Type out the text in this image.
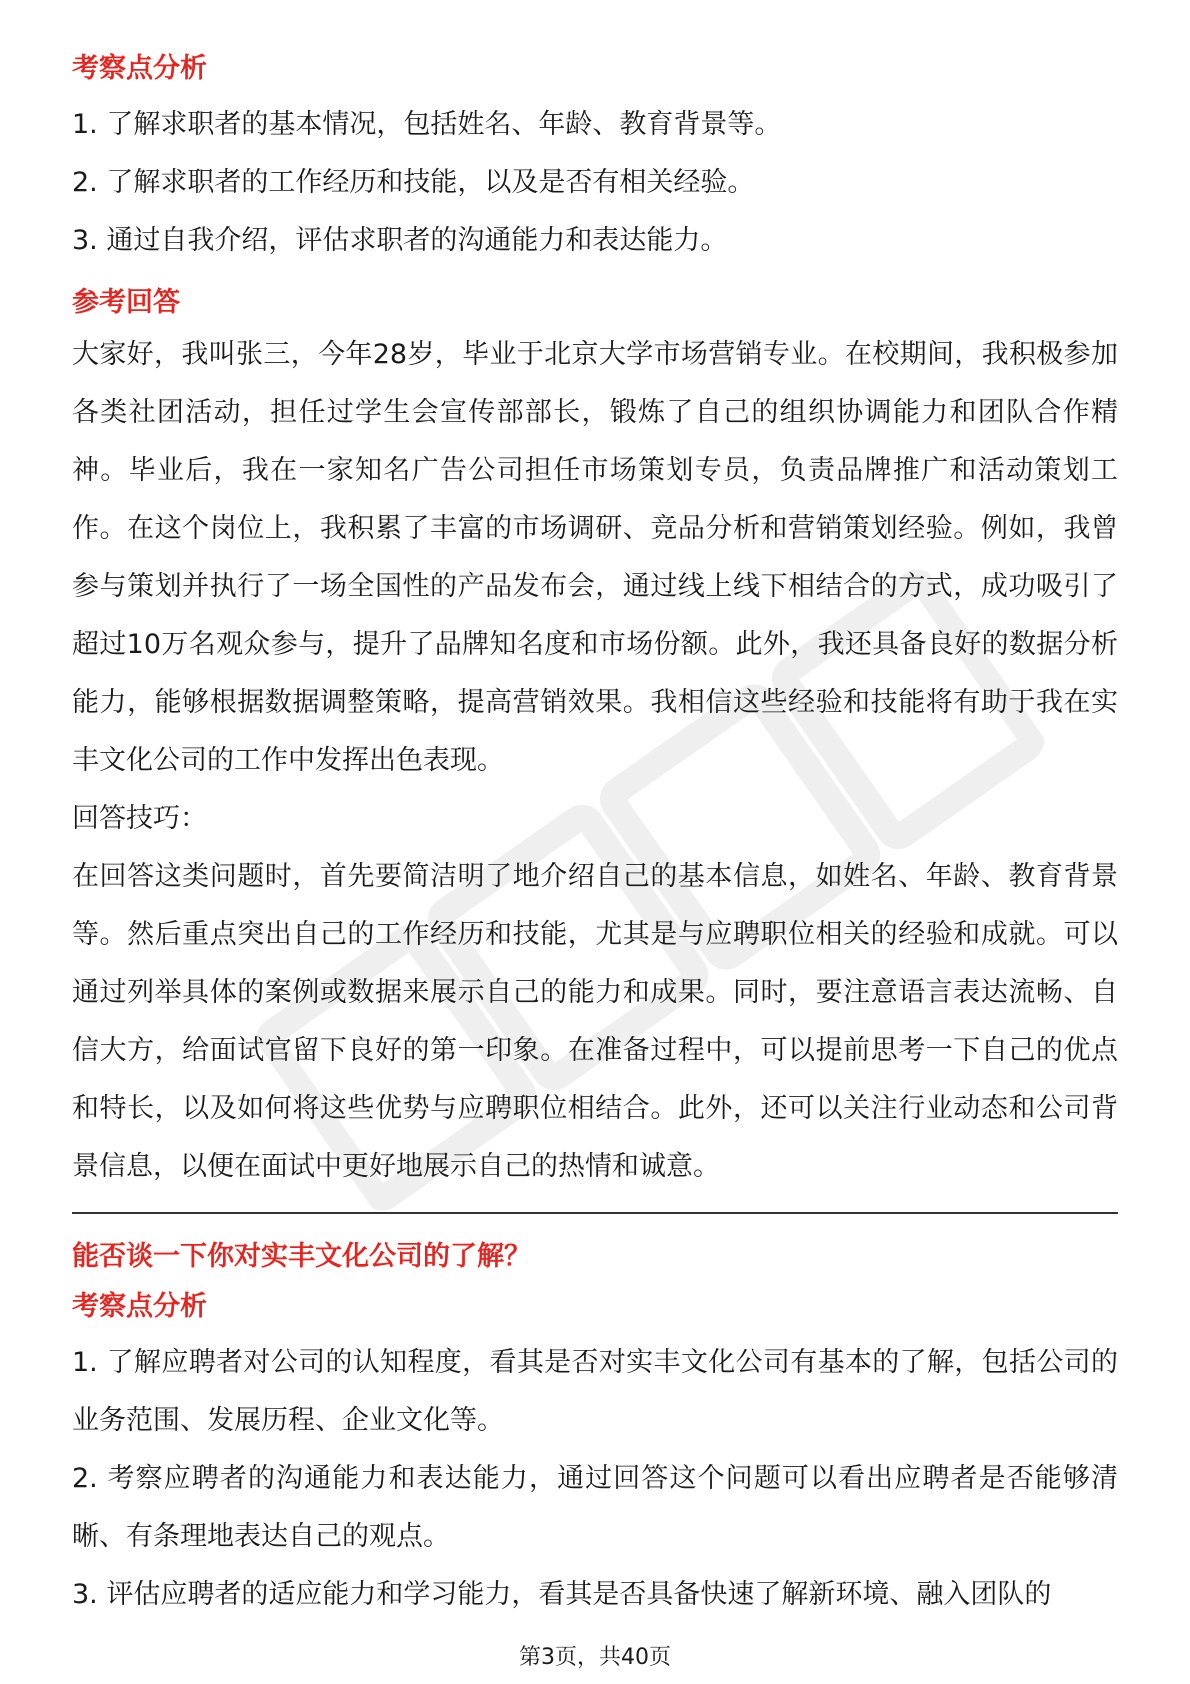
考察点分析

1. 了解求职者的基本情况，包括姓名、年龄、教育背景等。

2. 了解求职者的工作经历和技能，以及是否有相关经验。

3. 通过自我介绍，评估求职者的沟通能力和表达能力。

参考回答

大家好，我叫张三，今年28岁，毕业于北京大学市场营销专业。在校期间，我积极参加各类社团活动，担任过学生会宣传部部长，锻炼了自己的组织协调能力和团队合作精神。毕业后，我在一家知名广告公司担任市场策划专员，负责品牌推广和活动策划工作。在这个岗位上，我积累了丰富的市场调研、竞品分析和营销策划经验。例如，我曾参与策划并执行了一场全国性的产品发布会，通过线上线下相结合的方式，成功吸引了超过10万名观众参与，提升了品牌知名度和市场份额。此外，我还具备良好的数据分析能力，能够根据数据调整策略，提高营销效果。我相信这些经验和技能将有助于我在实丰文化公司的工作中发挥出色表现。

回答技巧：

在回答这类问题时，首先要简洁明了地介绍自己的基本信息，如姓名、年龄、教育背景等。然后重点突出自己的工作经历和技能，尤其是与应聘职位相关的经验和成就。可以通过列举具体的案例或数据来展示自己的能力和成果。同时，要注意语言表达流畅、自信大方，给面试官留下良好的第一印象。在准备过程中，可以提前思考一下自己的优点和特长，以及如何将这些优势与应聘职位相结合。此外，还可以关注行业动态和公司背景信息，以便在面试中更好地展示自己的热情和诚意。

能否谈一下你对实丰文化公司的了解？

考察点分析

1. 了解应聘者对公司的认知程度，看其是否对实丰文化公司有基本的了解，包括公司的业务范围、发展历程、企业文化等。

2. 考察应聘者的沟通能力和表达能力，通过回答这个问题可以看出应聘者是否能够清晰、有条理地表达自己的观点。

3. 评估应聘者的适应能力和学习能力，看其是否具备快速了解新环境、融入团队的

第3页，共40页
